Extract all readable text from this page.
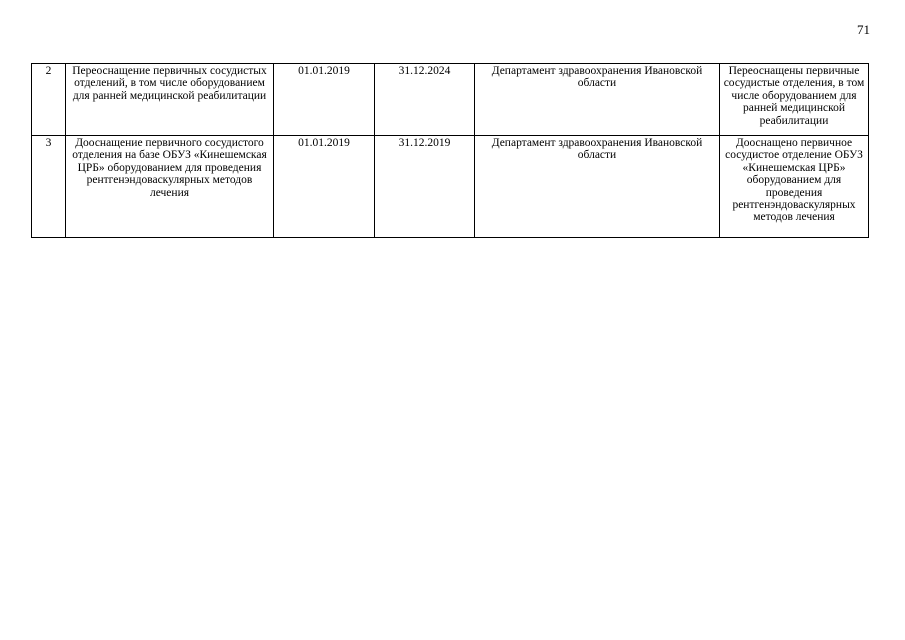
71
2	Переоснащение первичных сосудистых отделений, в том числе оборудованием для ранней медицинской реабилитации	01.01.2019	31.12.2024	Департамент здравоохранения Ивановской области	Переоснащены первичные сосудистые отделения, в том числе оборудованием для ранней медицинской реабилитации
3	Дооснащение первичного сосудистого отделения на базе ОБУЗ «Кинешемская ЦРБ» оборудованием для проведения рентгенэндоваскулярных методов лечения	01.01.2019	31.12.2019	Департамент здравоохранения Ивановской области	Дооснащено первичное сосудистое отделение ОБУЗ «Кинешемская ЦРБ» оборудованием для проведения рентгенэндоваскулярных методов лечения
